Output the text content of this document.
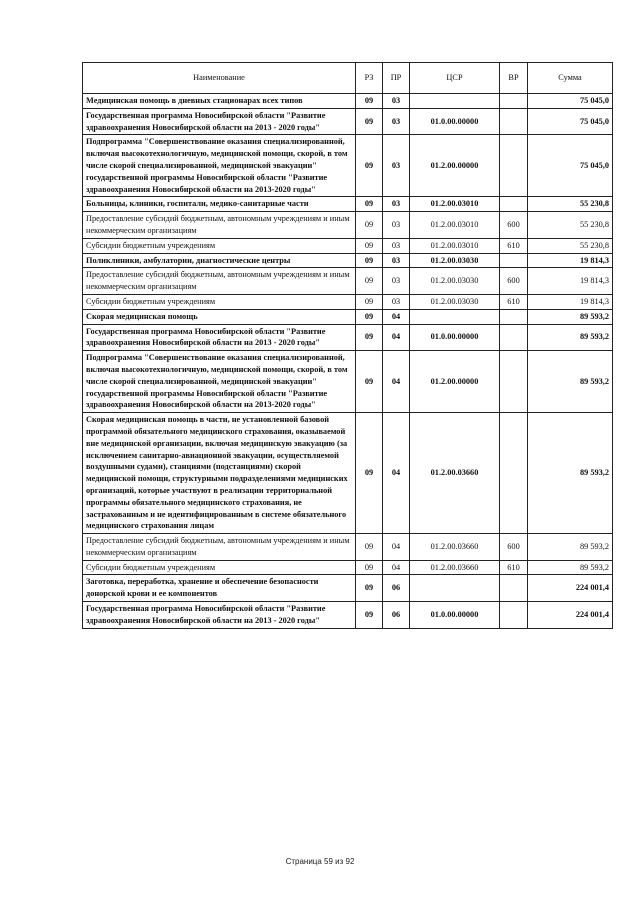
Наименование	РЗ	ПР	ЦСР	ВР	Сумма
Медицинская помощь в дневных стационарах всех типов	09	03			75 045,0
Государственная программа Новосибирской области "Развитие здравоохранения Новосибирской области на 2013 - 2020 годы"	09	03	01.0.00.00000		75 045,0
Подпрограмма "Совершенствование оказания специализированной, включая высокотехнологичную, медицинской помощи, скорой, в том числе скорой специализированной, медицинской эвакуации" государственной программы Новосибирской области "Развитие здравоохранения Новосибирской области на 2013-2020 годы"	09	03	01.2.00.00000		75 045,0
Больницы, клиники, госпитали, медико-санитарные части	09	03	01.2.00.03010		55 230,8
Предоставление субсидий бюджетным, автономным учреждениям и иным некоммерческим организациям	09	03	01.2.00.03010	600	55 230,8
Субсидии бюджетным учреждениям	09	03	01.2.00.03010	610	55 230,8
Поликлиники, амбулатории, диагностические центры	09	03	01.2.00.03030		19 814,3
Предоставление субсидий бюджетным, автономным учреждениям и иным некоммерческим организациям	09	03	01.2.00.03030	600	19 814,3
Субсидии бюджетным учреждениям	09	03	01.2.00.03030	610	19 814,3
Скорая медицинская помощь	09	04			89 593,2
Государственная программа Новосибирской области "Развитие здравоохранения Новосибирской области на 2013 - 2020 годы"	09	04	01.0.00.00000		89 593,2
Подпрограмма "Совершенствование оказания специализированной, включая высокотехнологичную, медицинской помощи, скорой, в том числе скорой специализированной, медицинской эвакуации" государственной программы Новосибирской области "Развитие здравоохранения Новосибирской области на 2013-2020 годы"	09	04	01.2.00.00000		89 593,2
Скорая медицинская помощь в части, не установленной базовой программой обязательного медицинского страхования, оказываемой вне медицинской организации, включая медицинскую эвакуацию (за исключением санитарно-авиационной эвакуации, осуществляемой воздушными судами), станциями (подстанциями) скорой медицинской помощи, структурными подразделениями медицинских организаций, которые участвуют в реализации территориальной программы обязательного медицинского страхования, не застрахованным и не идентифицированным в системе обязательного медицинского страхования лицам	09	04	01.2.00.03660		89 593,2
Предоставление субсидий бюджетным, автономным учреждениям и иным некоммерческим организациям	09	04	01.2.00.03660	600	89 593,2
Субсидии бюджетным учреждениям	09	04	01.2.00.03660	610	89 593,2
Заготовка, переработка, хранение и обеспечение безопасности донорской крови и ее компонентов	09	06			224 001,4
Государственная программа Новосибирской области "Развитие здравоохранения Новосибирской области на 2013 - 2020 годы"	09	06	01.0.00.00000		224 001,4
Страница 59 из 92
